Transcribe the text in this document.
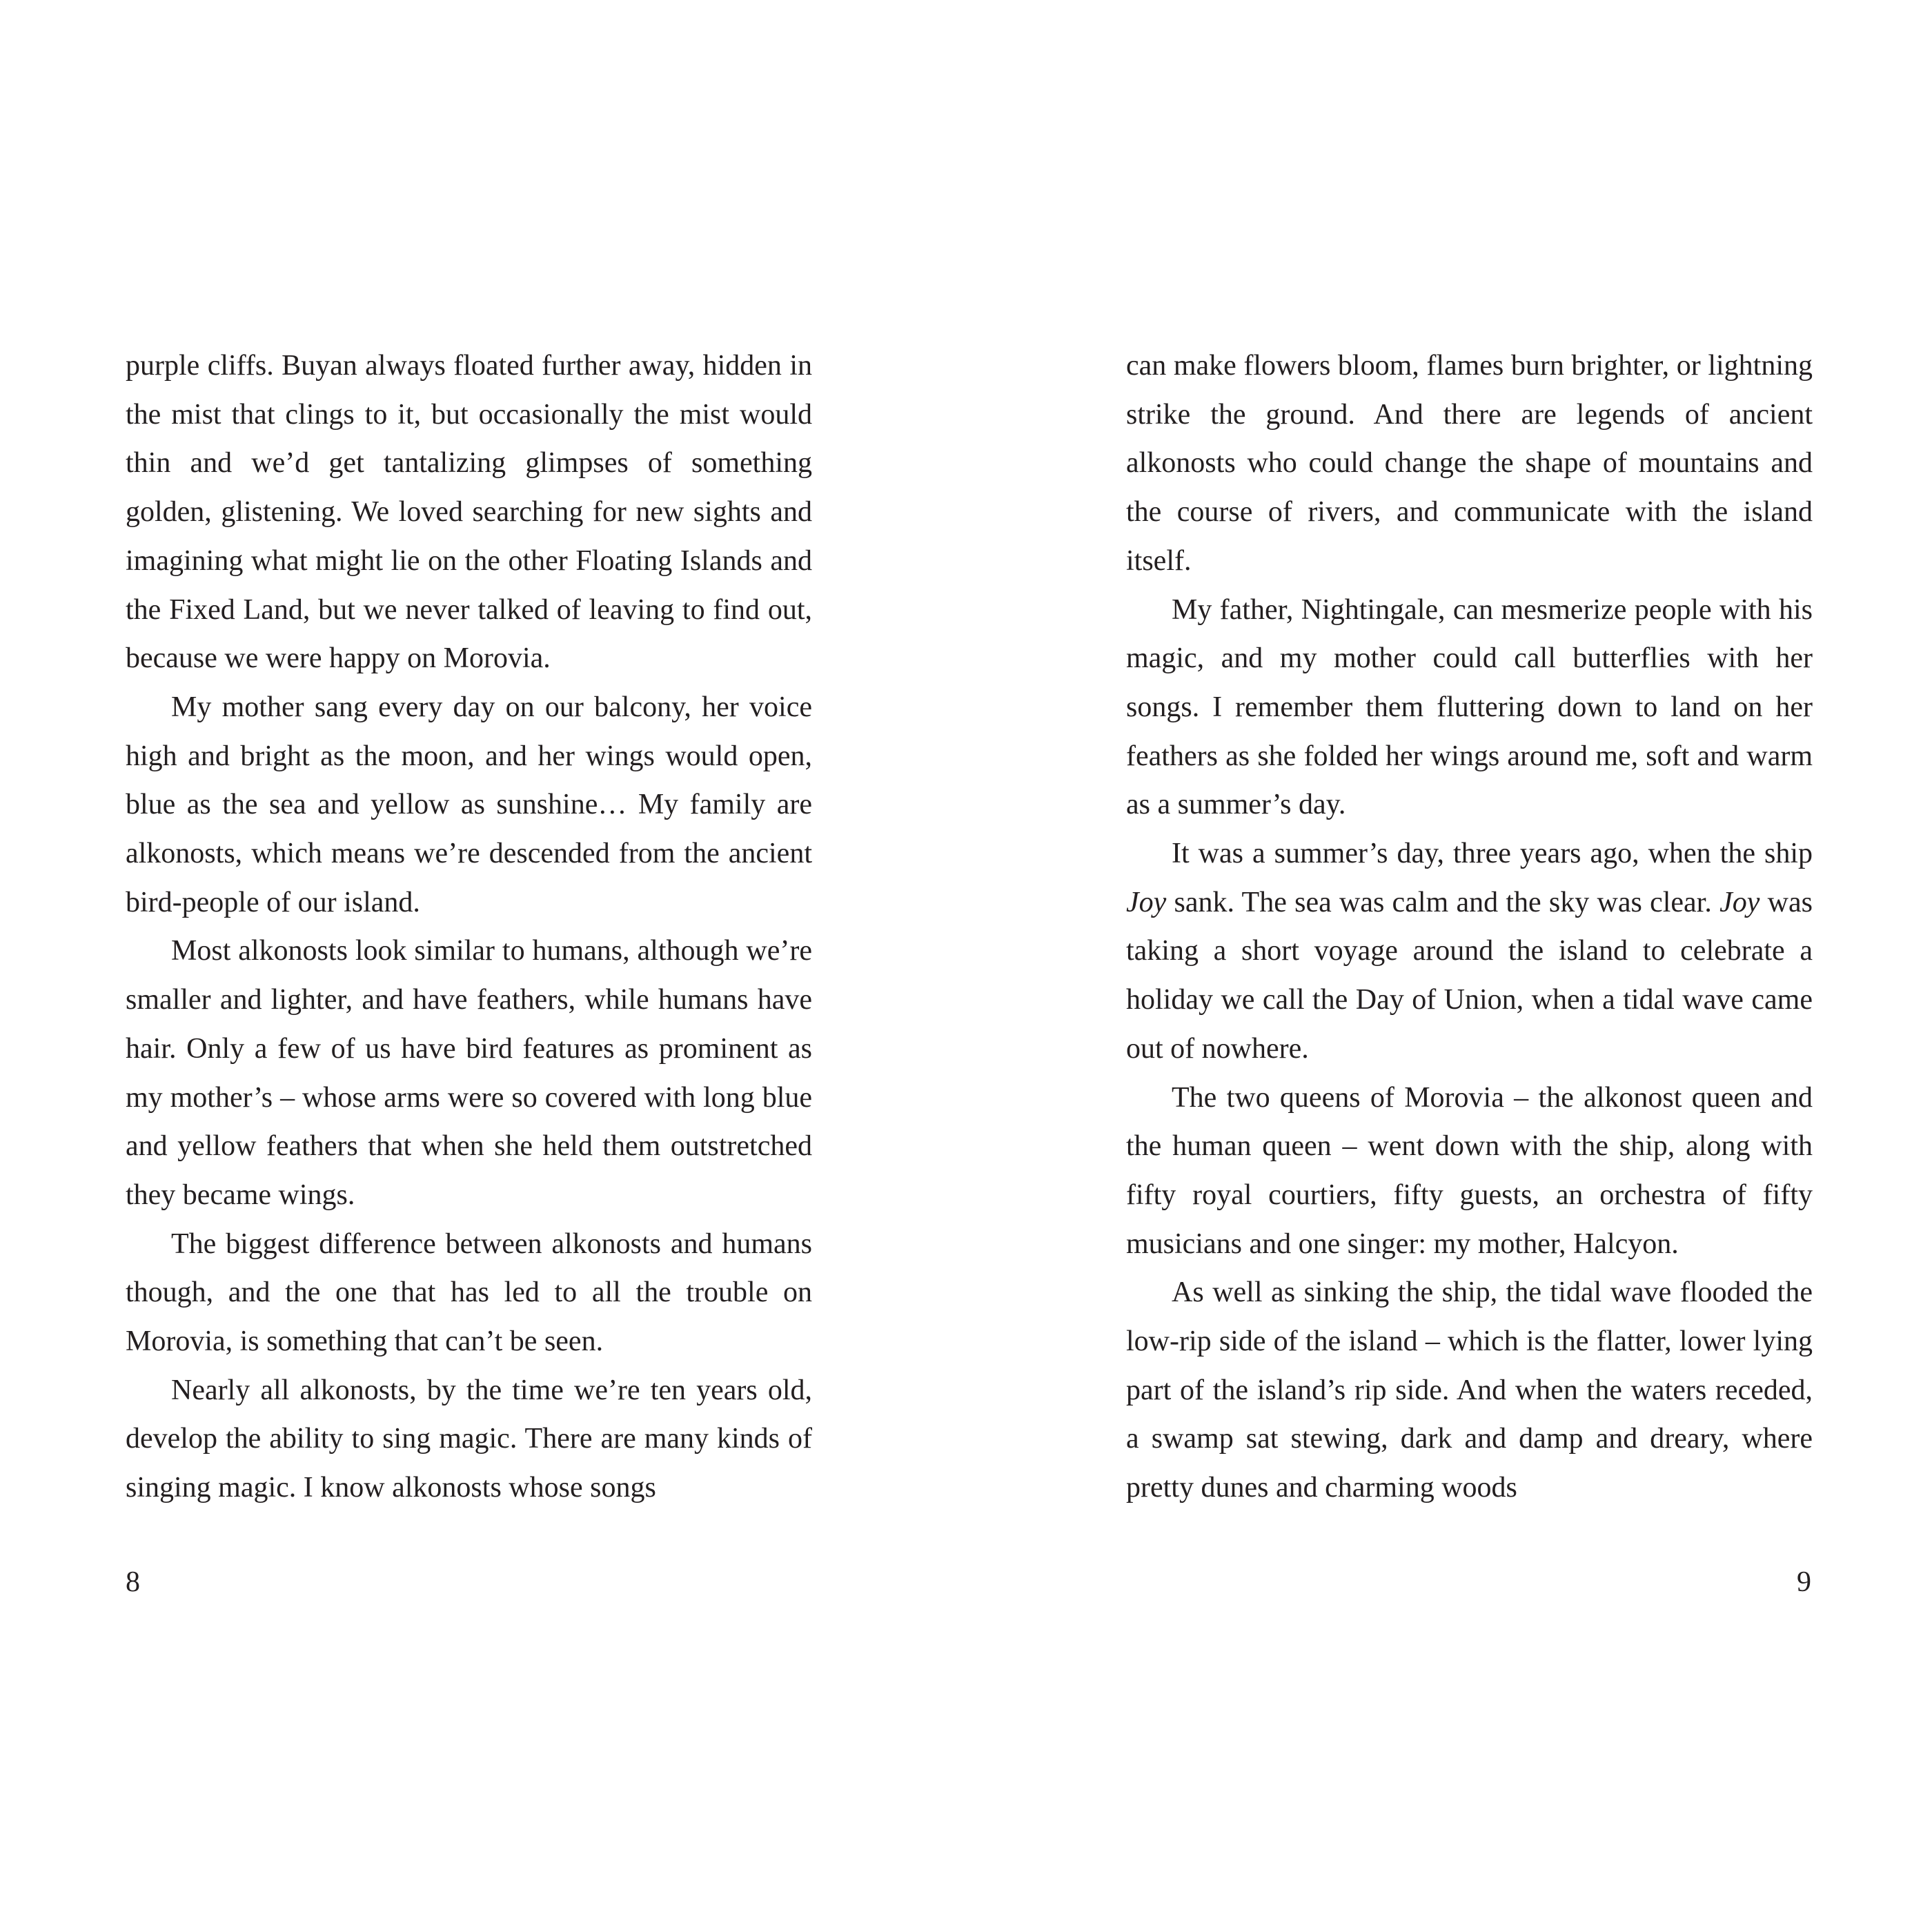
purple cliffs. Buyan always floated further away, hidden in the mist that clings to it, but occasionally the mist would thin and we’d get tantalizing glimpses of something golden, glistening. We loved searching for new sights and imagining what might lie on the other Floating Islands and the Fixed Land, but we never talked of leaving to find out, because we were happy on Morovia.

My mother sang every day on our balcony, her voice high and bright as the moon, and her wings would open, blue as the sea and yellow as sunshine… My family are alkonosts, which means we’re descended from the ancient bird-people of our island.

Most alkonosts look similar to humans, although we’re smaller and lighter, and have feathers, while humans have hair. Only a few of us have bird features as prominent as my mother’s – whose arms were so covered with long blue and yellow feathers that when she held them outstretched they became wings.

The biggest difference between alkonosts and humans though, and the one that has led to all the trouble on Morovia, is something that can’t be seen.

Nearly all alkonosts, by the time we’re ten years old, develop the ability to sing magic. There are many kinds of singing magic. I know alkonosts whose songs

8

can make flowers bloom, flames burn brighter, or lightning strike the ground. And there are legends of ancient alkonosts who could change the shape of mountains and the course of rivers, and communicate with the island itself.

My father, Nightingale, can mesmerize people with his magic, and my mother could call butterflies with her songs. I remember them fluttering down to land on her feathers as she folded her wings around me, soft and warm as a summer’s day.

It was a summer’s day, three years ago, when the ship Joy sank. The sea was calm and the sky was clear. Joy was taking a short voyage around the island to celebrate a holiday we call the Day of Union, when a tidal wave came out of nowhere.

The two queens of Morovia – the alkonost queen and the human queen – went down with the ship, along with fifty royal courtiers, fifty guests, an orchestra of fifty musicians and one singer: my mother, Halcyon.

As well as sinking the ship, the tidal wave flooded the low-rip side of the island – which is the flatter, lower lying part of the island’s rip side. And when the waters receded, a swamp sat stewing, dark and damp and dreary, where pretty dunes and charming woods

9
